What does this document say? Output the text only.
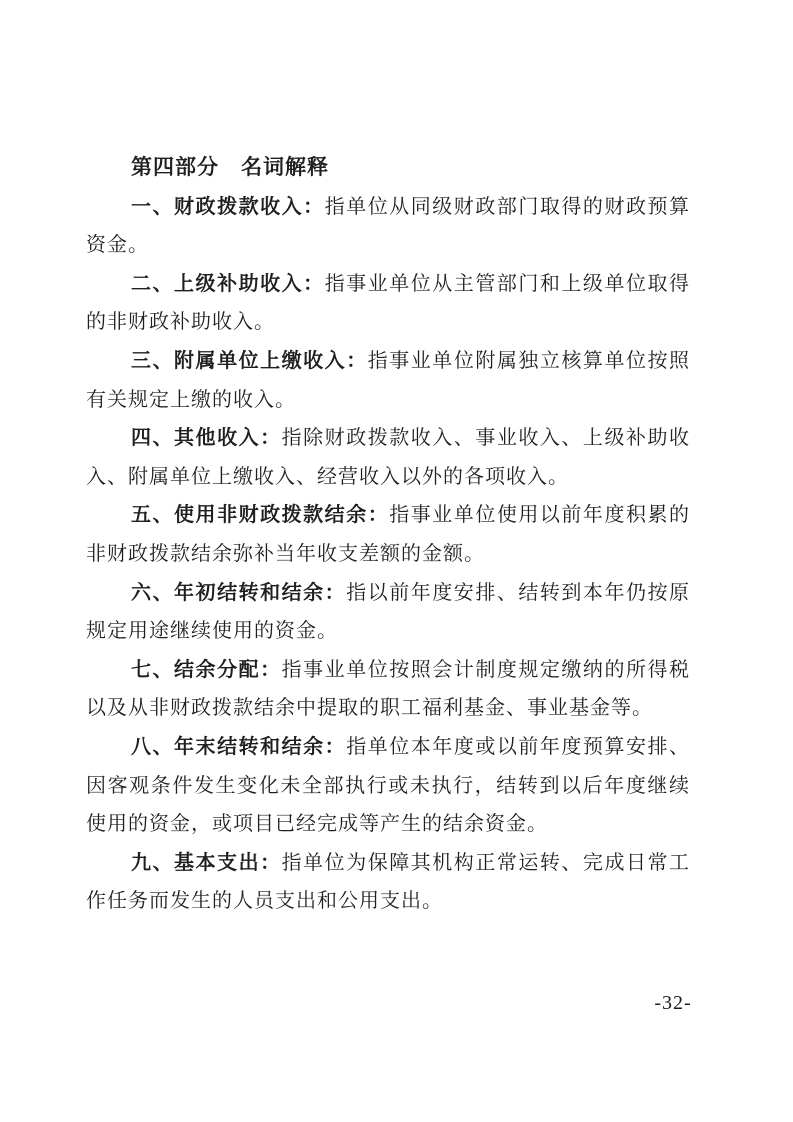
第四部分　名词解释

一、财政拨款收入：指单位从同级财政部门取得的财政预算资金。

二、上级补助收入：指事业单位从主管部门和上级单位取得的非财政补助收入。

三、附属单位上缴收入：指事业单位附属独立核算单位按照有关规定上缴的收入。

四、其他收入：指除财政拨款收入、事业收入、上级补助收入、附属单位上缴收入、经营收入以外的各项收入。

五、使用非财政拨款结余：指事业单位使用以前年度积累的非财政拨款结余弥补当年收支差额的金额。

六、年初结转和结余：指以前年度安排、结转到本年仍按原规定用途继续使用的资金。

七、结余分配：指事业单位按照会计制度规定缴纳的所得税以及从非财政拨款结余中提取的职工福利基金、事业基金等。

八、年末结转和结余：指单位本年度或以前年度预算安排、因客观条件发生变化未全部执行或未执行，结转到以后年度继续使用的资金，或项目已经完成等产生的结余资金。

九、基本支出：指单位为保障其机构正常运转、完成日常工作任务而发生的人员支出和公用支出。

-32-
